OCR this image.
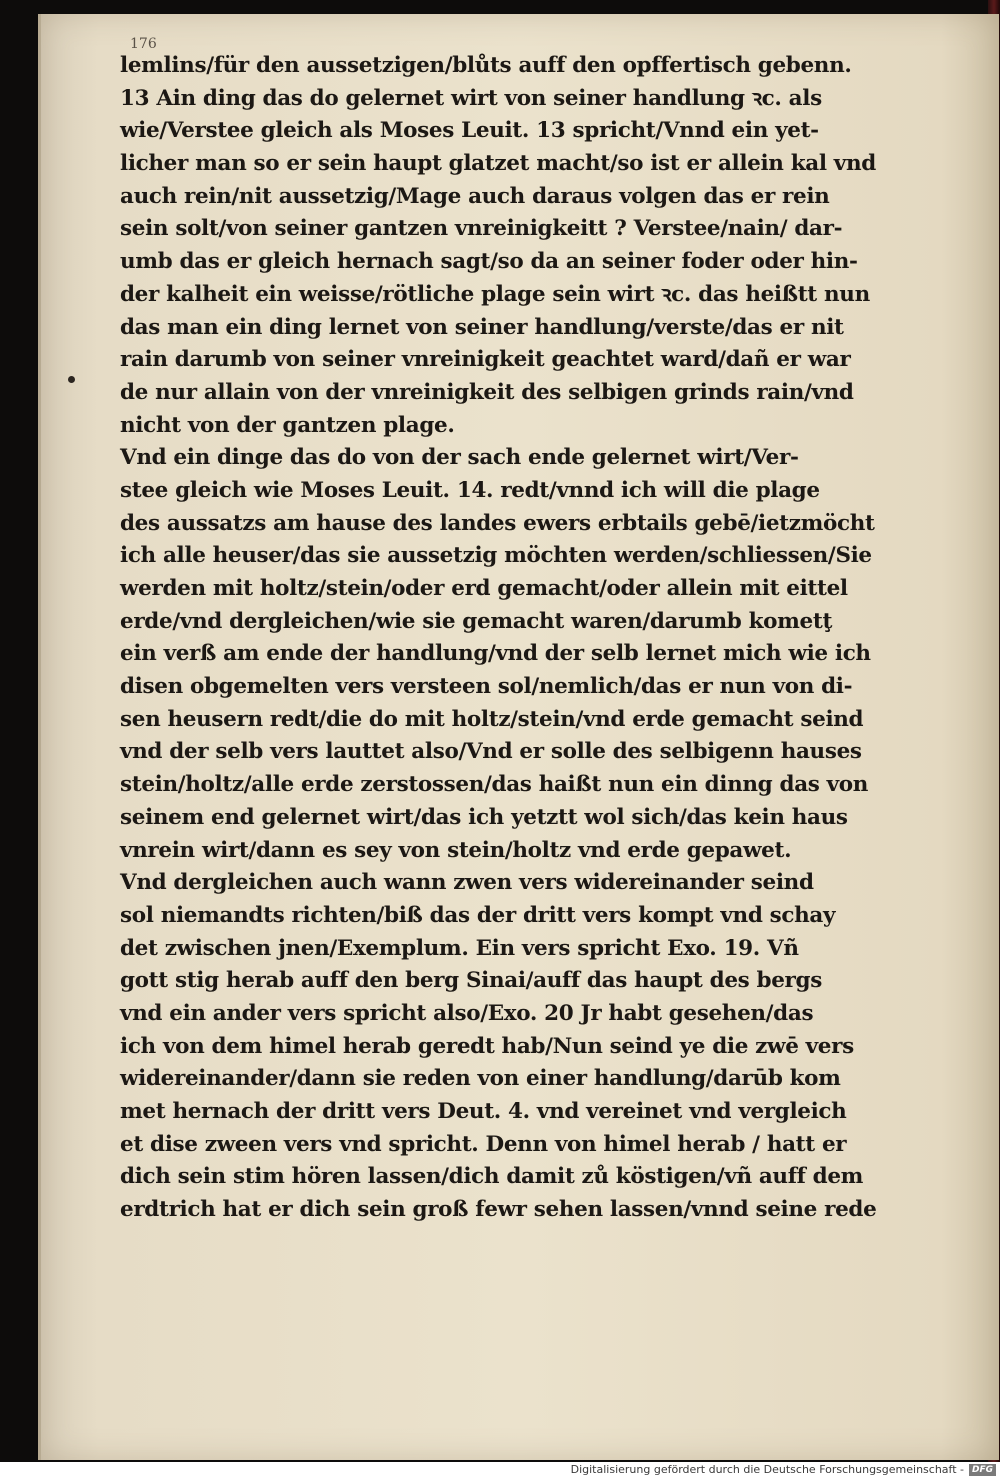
176
lemlins/für den aussetzigen/blůts auff den opffertisch gebenn.
13 Ain ding das do gelernet wirt von seiner handlung ꝛc. als
wie/Verstee gleich als Moses Leuit. 13 spricht/Vnnd ein yet-
licher man so er sein haupt glatzet macht/so ist er allein kal vnd
auch rein/nit aussetzig/Mage auch daraus volgen das er rein
sein solt/von seiner gantzen vnreinigkeitt ? Verstee/nain/ dar-
umb das er gleich hernach sagt/so da an seiner foder oder hin-
der kalheit ein weisse/rötliche plage sein wirt ꝛc. das heißtt nun
das man ein ding lernet von seiner handlung/verste/das er nit
rain darumb von seiner vnreinigkeit geachtet ward/dañ er war
de nur allain von der vnreinigkeit des selbigen grinds rain/vnd
nicht von der gantzen plage.
Vnd ein dinge das do von der sach ende gelernet wirt/Ver-
stee gleich wie Moses Leuit. 14. redt/vnnd ich will die plage
des aussatzs am hause des landes ewers erbtails gebē/ietzmöcht
ich alle heuser/das sie aussetzig möchten werden/schliessen/Sie
werden mit holtz/stein/oder erd gemacht/oder allein mit eittel
erde/vnd dergleichen/wie sie gemacht waren/darumb kometţ
ein verß am ende der handlung/vnd der selb lernet mich wie ich
disen obgemelten vers versteen sol/nemlich/das er nun von di-
sen heusern redt/die do mit holtz/stein/vnd erde gemacht seind
vnd der selb vers lauttet also/Vnd er solle des selbigenn hauses
stein/holtz/alle erde zerstossen/das haißt nun ein dinng das von
seinem end gelernet wirt/das ich yetztt wol sich/das kein haus
vnrein wirt/dann es sey von stein/holtz vnd erde gepawet.
Vnd dergleichen auch wann zwen vers widereinander seind
sol niemandts richten/biß das der dritt vers kompt vnd schay
det zwischen jnen/Exemplum. Ein vers spricht Exo. 19. Vñ
gott stig herab auff den berg Sinai/auff das haupt des bergs
vnd ein ander vers spricht also/Exo. 20 Jr habt gesehen/das
ich von dem himel herab geredt hab/Nun seind ye die zwē vers
widereinander/dann sie reden von einer handlung/darūb kom
met hernach der dritt vers Deut. 4. vnd vereinet vnd vergleich
et dise zween vers vnd spricht. Denn von himel herab / hatt er
dich sein stim hören lassen/dich damit zů köstigen/vñ auff dem
erdtrich hat er dich sein groß fewr sehen lassen/vnnd seine rede
Digitalisierung gefördert durch die Deutsche Forschungsgemeinschaft - DFG
